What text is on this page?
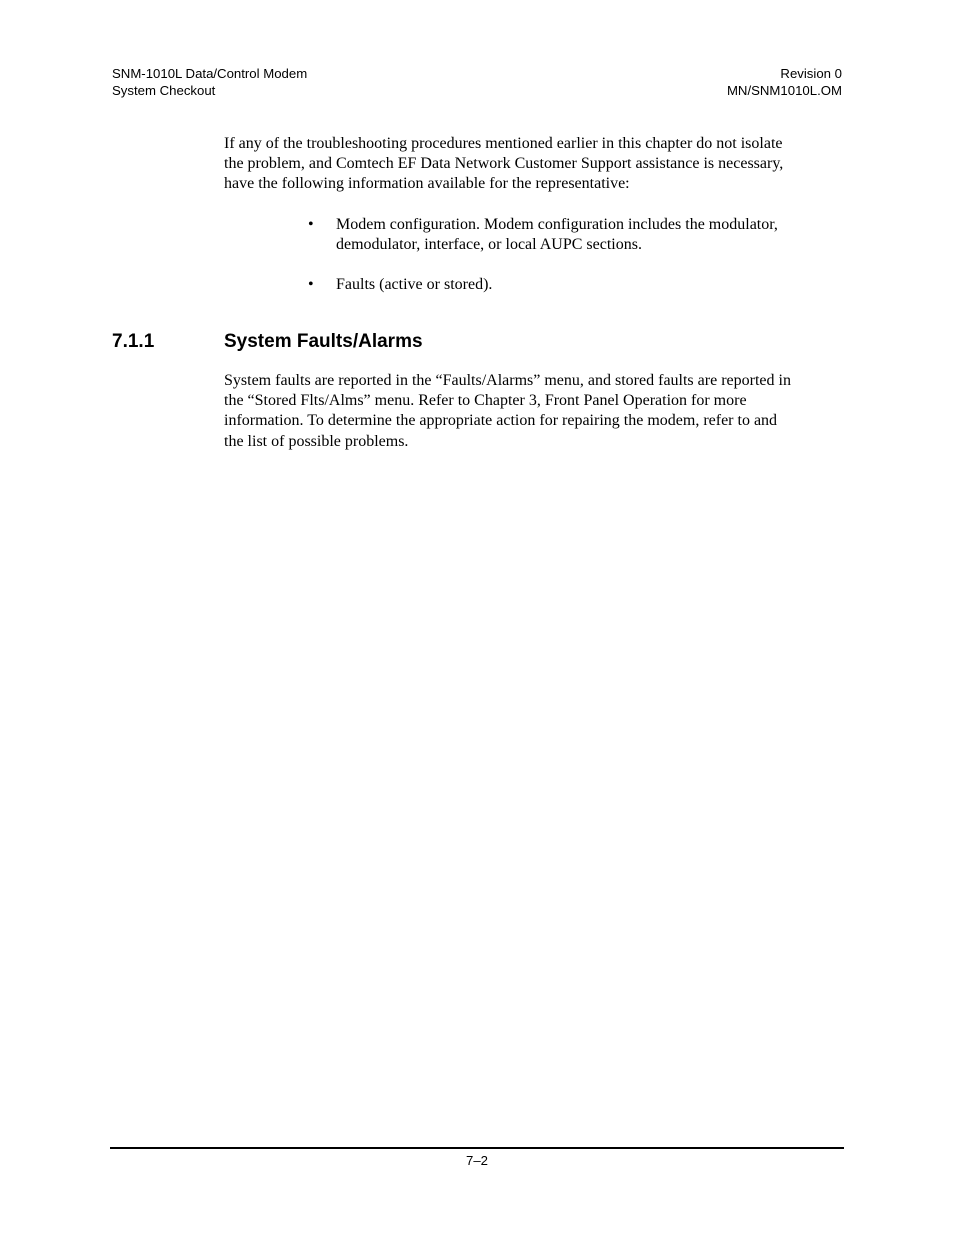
SNM-1010L Data/Control Modem
System Checkout
Revision 0
MN/SNM1010L.OM

If any of the troubleshooting procedures mentioned earlier in this chapter do not isolate
the problem, and Comtech EF Data Network Customer Support assistance is necessary,
have the following information available for the representative:

• Modem configuration. Modem configuration includes the modulator,
demodulator, interface, or local AUPC sections.
• Faults (active or stored).
7.1.1	System Faults/Alarms

System faults are reported in the “Faults/Alarms” menu, and stored faults are reported in
the “Stored Flts/Alms” menu. Refer to Chapter 3, Front Panel Operation for more
information. To determine the appropriate action for repairing the modem, refer to and
the list of possible problems.

7–2
